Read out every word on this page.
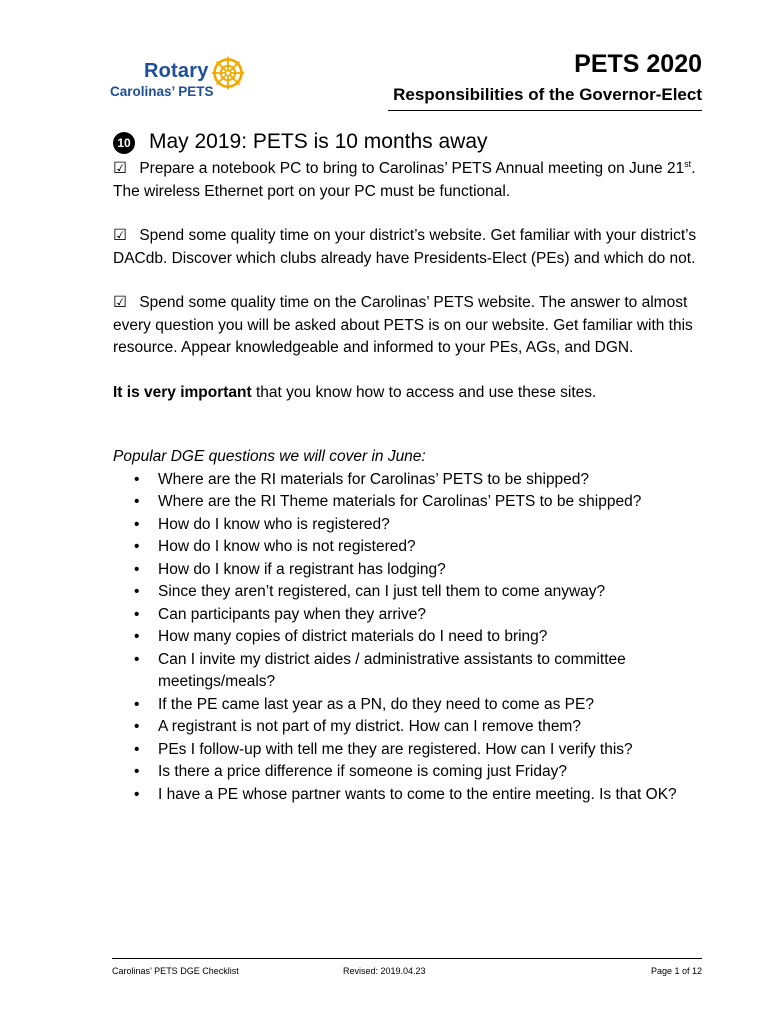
Rotary
Carolinas’ PETS
PETS 2020
Responsibilities of the Governor-Elect
10 May 2019: PETS is 10 months away

☑ Prepare a notebook PC to bring to Carolinas’ PETS Annual meeting on June 21st. The wireless Ethernet port on your PC must be functional.

☑ Spend some quality time on your district’s website. Get familiar with your district’s DACdb. Discover which clubs already have Presidents-Elect (PEs) and which do not.

☑ Spend some quality time on the Carolinas’ PETS website. The answer to almost every question you will be asked about PETS is on our website. Get familiar with this resource. Appear knowledgeable and informed to your PEs, AGs, and DGN.

It is very important that you know how to access and use these sites.

Popular DGE questions we will cover in June:
• Where are the RI materials for Carolinas’ PETS to be shipped?
• Where are the RI Theme materials for Carolinas’ PETS to be shipped?
• How do I know who is registered?
• How do I know who is not registered?
• How do I know if a registrant has lodging?
• Since they aren’t registered, can I just tell them to come anyway?
• Can participants pay when they arrive?
• How many copies of district materials do I need to bring?
• Can I invite my district aides / administrative assistants to committee meetings/meals?
• If the PE came last year as a PN, do they need to come as PE?
• A registrant is not part of my district. How can I remove them?
• PEs I follow-up with tell me they are registered. How can I verify this?
• Is there a price difference if someone is coming just Friday?
• I have a PE whose partner wants to come to the entire meeting. Is that OK?
Carolinas’ PETS DGE Checklist	Revised: 2019.04.23	Page 1 of 12
